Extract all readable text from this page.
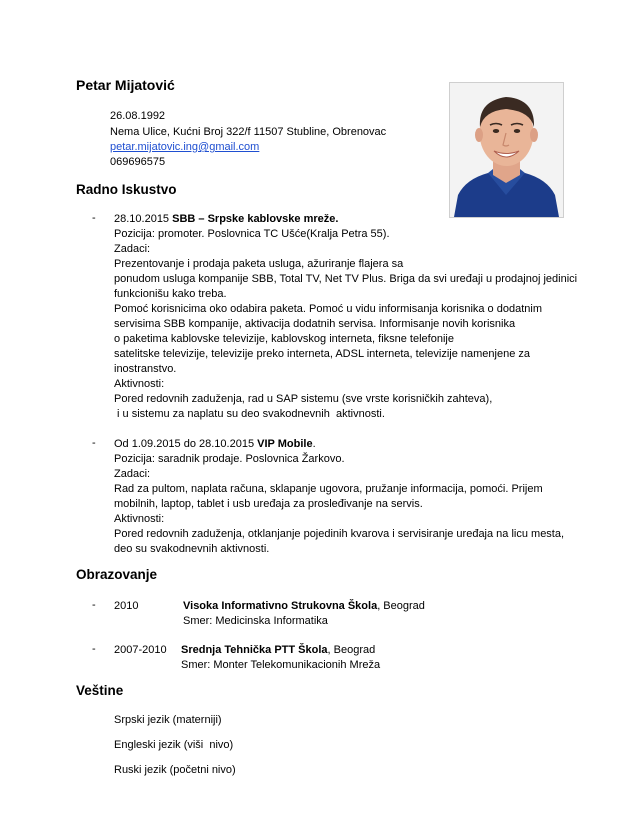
Petar Mijatović
26.08.1992
Nema Ulice, Kućni Broj 322/f 11507 Stubline, Obrenovac
petar.mijatovic.ing@gmail.com
069696575
Radno Iskustvo
- 28.10.2015 SBB – Srpske kablovske mreže.
Pozicija: promoter. Poslovnica TC Ušće(Kralja Petra 55).
Zadaci:
Prezentovanje i prodaja paketa usluga, ažuriranje flajera sa
ponudom usluga kompanije SBB, Total TV, Net TV Plus. Briga da svi uređaji u prodajnoj jedinici
funkcionišu kako treba.
Pomoć korisnicima oko odabira paketa. Pomoć u vidu informisanja korisnika o dodatnim
servisima SBB kompanije, aktivacija dodatnih servisa. Informisanje novih korisnika
o paketima kablovske televizije, kablovskog interneta, fiksne telefonije
satelitske televizije, televizije preko interneta, ADSL interneta, televizije namenjene za
inostranstvo.
Aktivnosti:
Pored redovnih zaduženja, rad u SAP sistemu (sve vrste korisničkih zahteva),
i u sistemu za naplatu su deo svakodnevnih  aktivnosti.
- Od 1.09.2015 do 28.10.2015 VIP Mobile.
Pozicija: saradnik prodaje. Poslovnica Žarkovo.
Zadaci:
Rad za pultom, naplata računa, sklapanje ugovora, pružanje informacija, pomoći. Prijem
mobilnih, laptop, tablet i usb uređaja za prosleđivanje na servis.
Aktivnosti:
Pored redovnih zaduženja, otklanjanje pojedinih kvarova i servisiranje uređaja na licu mesta,
deo su svakodnevnih aktivnosti.
Obrazovanje
- 2010	Visoka Informativno Strukovna Škola, Beograd
Smer: Medicinska Informatika
- 2007-2010 Srednja Tehnička PTT Škola, Beograd
Smer: Monter Telekomunikacionih Mreža
Veštine
Srpski jezik (materniji)
Engleski jezik (viši  nivo)
Ruski jezik (početni nivo)
